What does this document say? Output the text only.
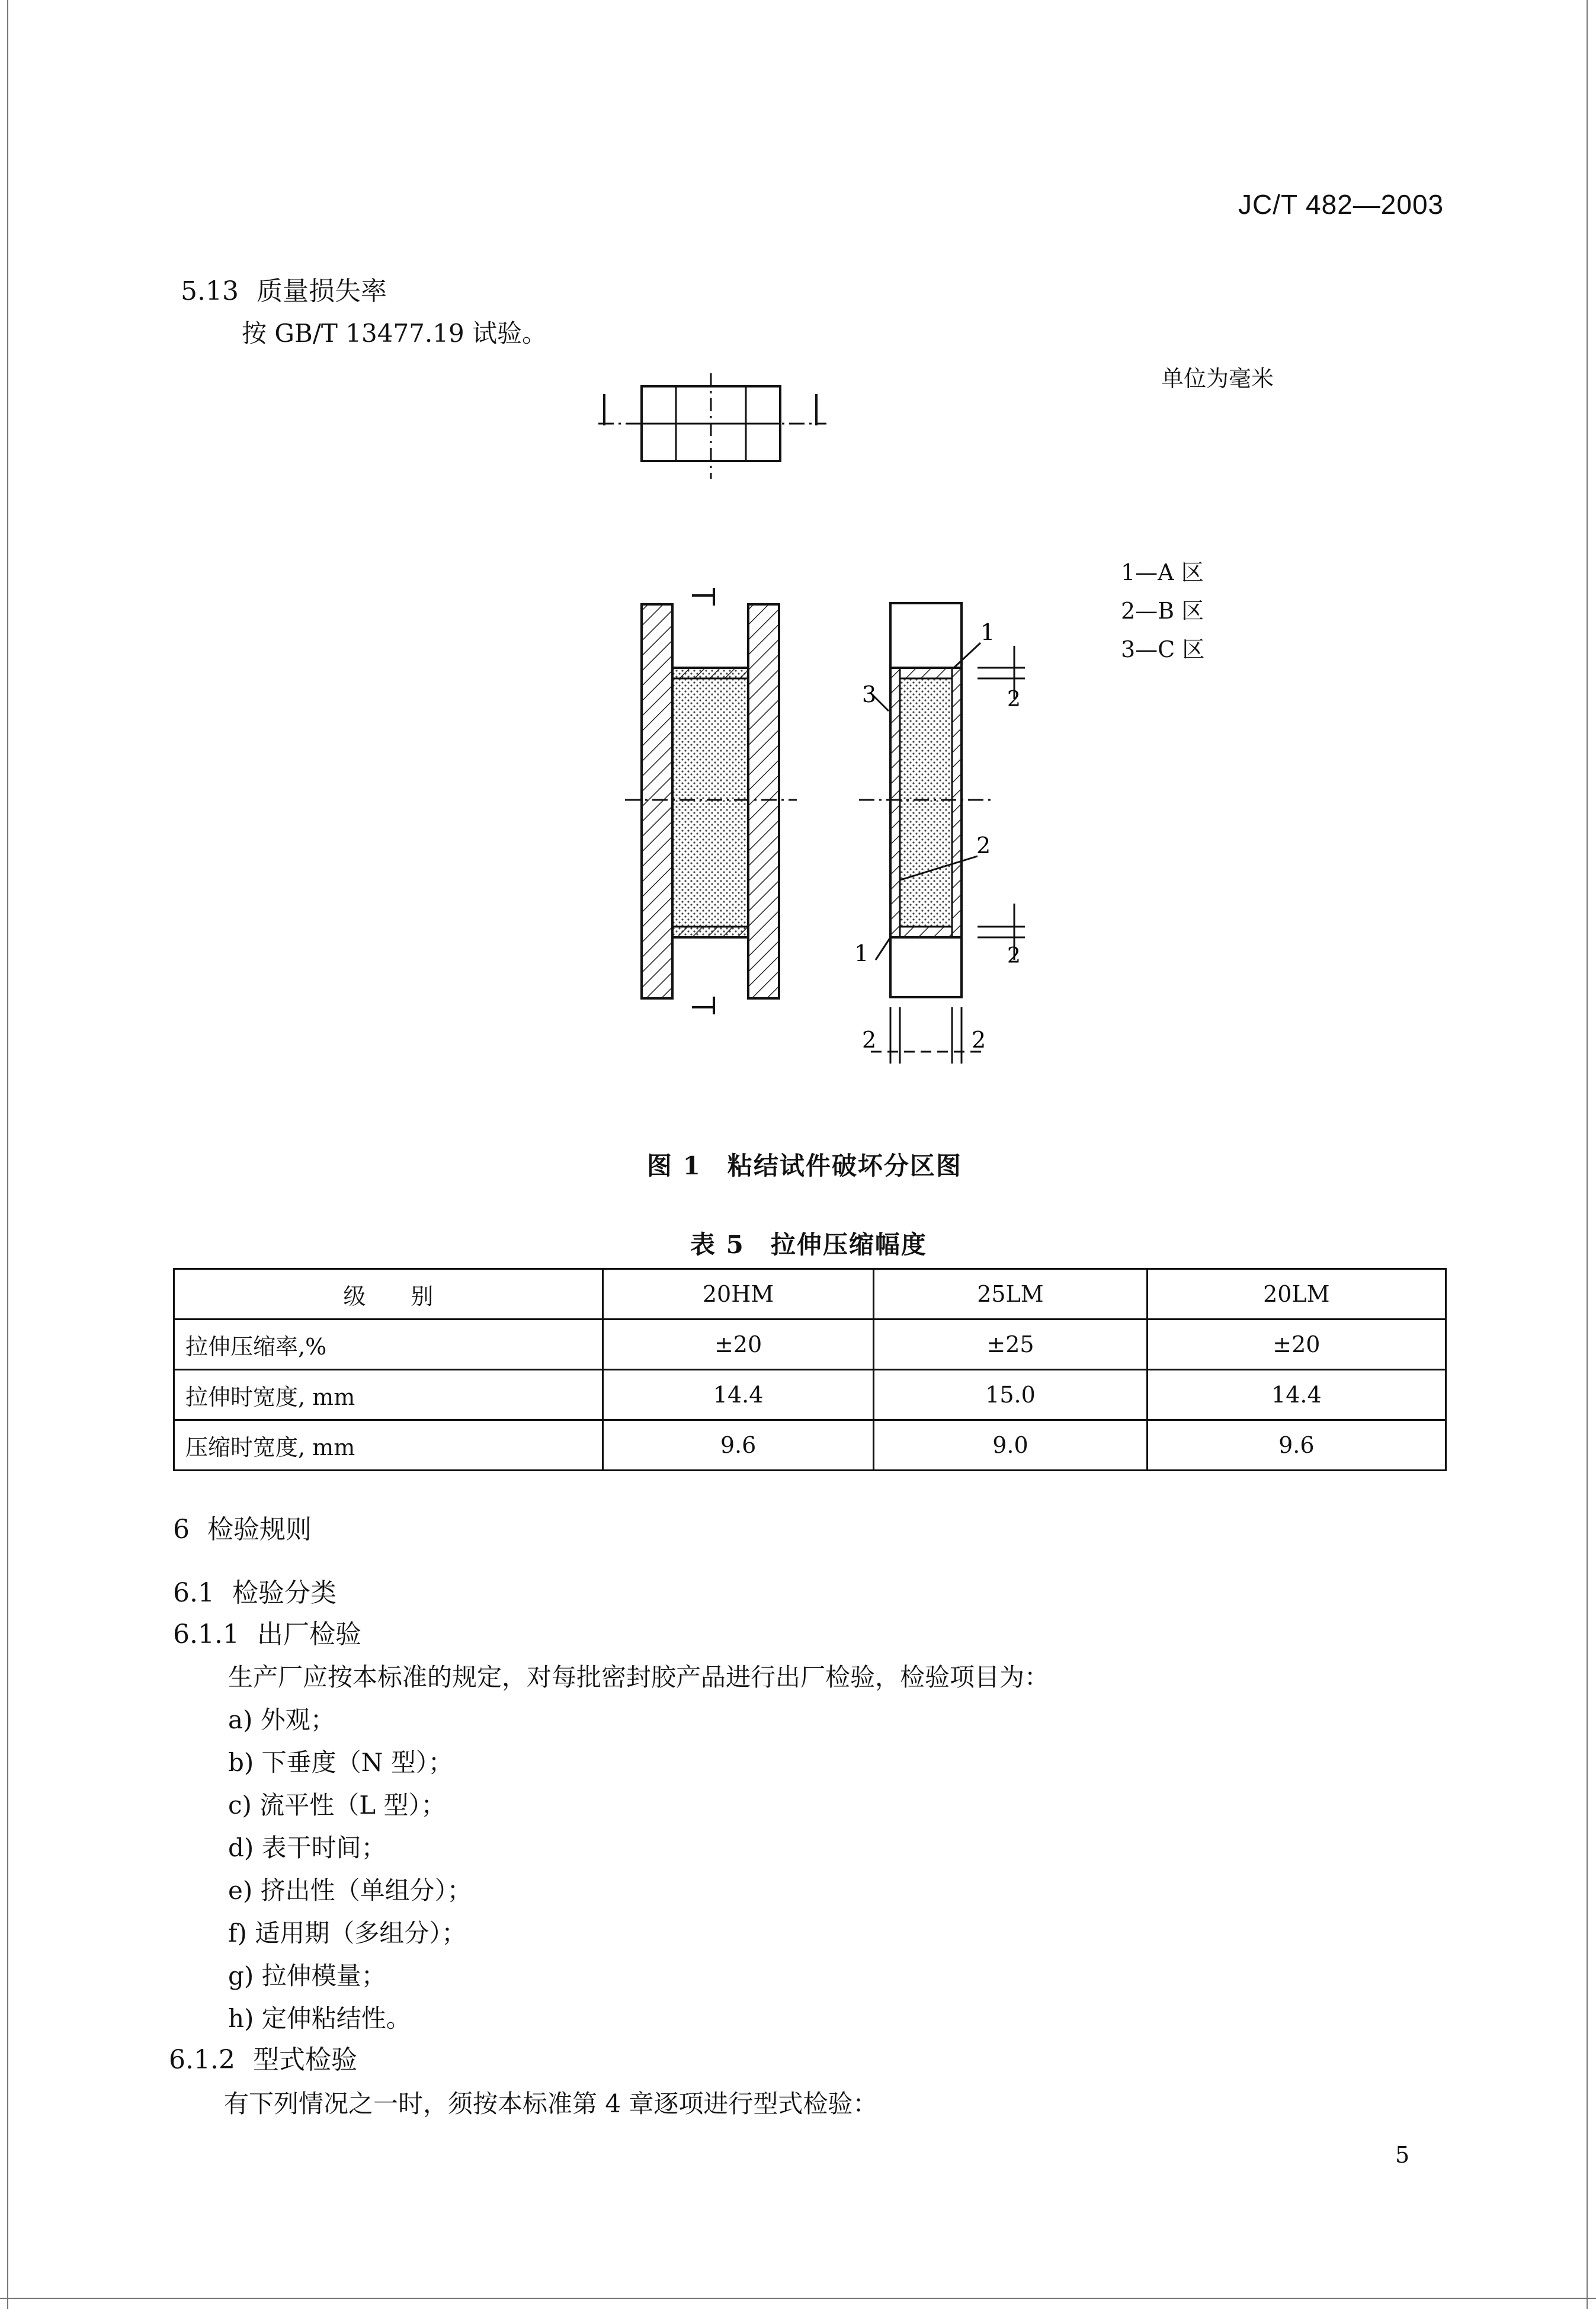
JC/T 482—2003
5.13 质量损失率
按 GB/T 13477.19 试验。
单位为毫米
1
3
2
1
2
2
2	2
1—A 区
2—B 区
3—C 区
图 1 粘结试件破坏分区图
表 5 拉伸压缩幅度
级　　别	20HM	25LM	20LM
拉伸压缩率,%	±20	±25	±20
拉伸时宽度, mm	14.4	15.0	14.4
压缩时宽度, mm	9.6	9.0	9.6
6 检验规则
6.1 检验分类
6.1.1 出厂检验
生产厂应按本标准的规定，对每批密封胶产品进行出厂检验，检验项目为：
a) 外观；
b) 下垂度（N 型）；
c) 流平性（L 型）；
d) 表干时间；
e) 挤出性（单组分）；
f) 适用期（多组分）；
g) 拉伸模量；
h) 定伸粘结性。
6.1.2 型式检验
有下列情况之一时，须按本标准第 4 章逐项进行型式检验：
5
